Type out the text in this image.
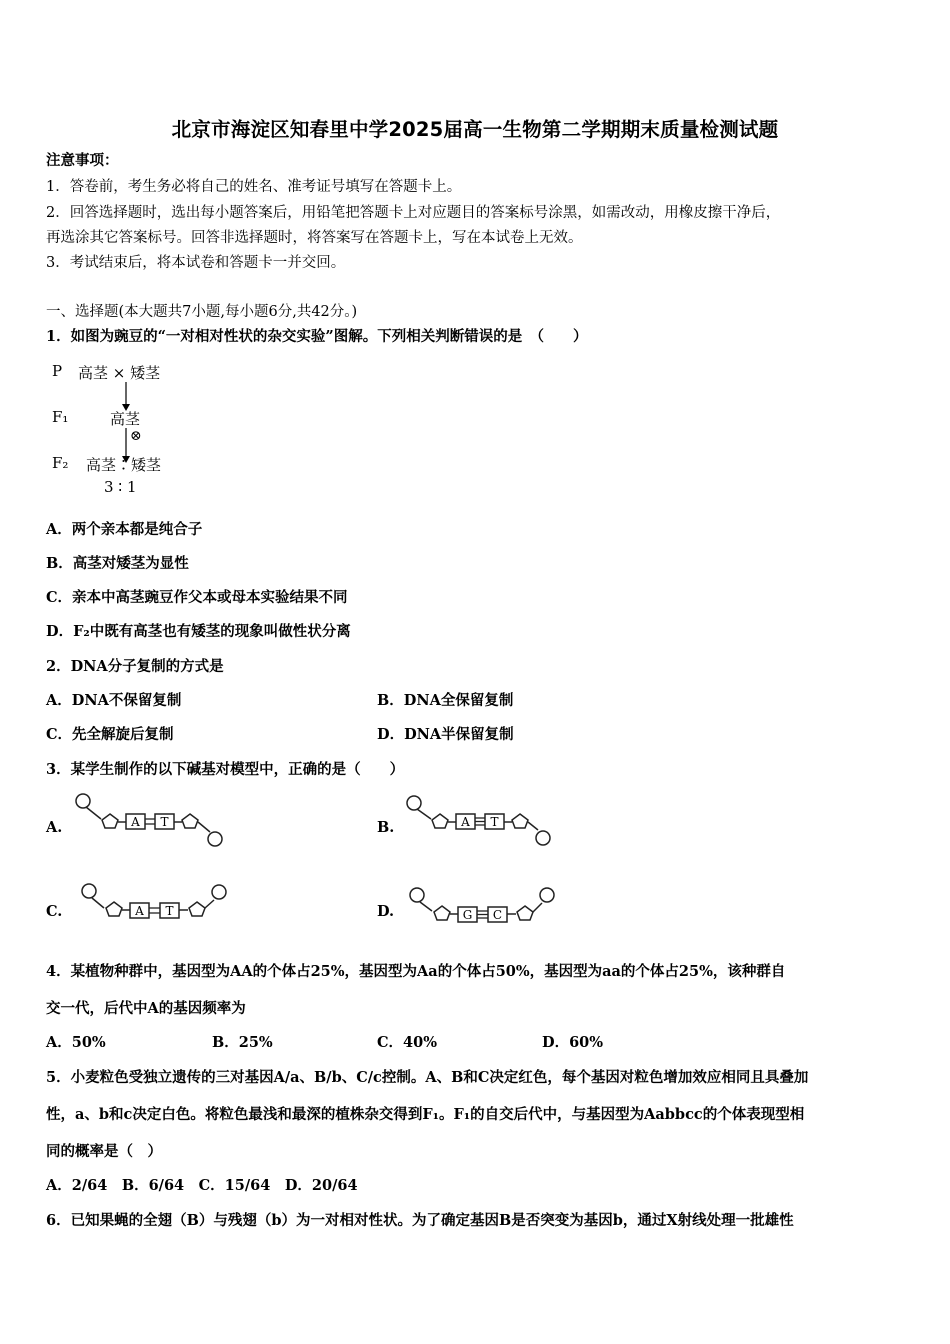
北京市海淀区知春里中学2025届高一生物第二学期期末质量检测试题
注意事项：
1．答卷前，考生务必将自己的姓名、准考证号填写在答题卡上。
2．回答选择题时，选出每小题答案后，用铅笔把答题卡上对应题目的答案标号涂黑，如需改动，用橡皮擦干净后，
再选涂其它答案标号。回答非选择题时，将答案写在答题卡上，写在本试卷上无效。
3．考试结束后，将本试卷和答题卡一并交回。
一、选择题(本大题共7小题,每小题6分,共42分。)
1．如图为豌豆的“一对相对性状的杂交实验”图解。下列相关判断错误的是　（　　）
P 高茎 × 矮茎
F₁	高茎
⊗
F₂ 高茎∶矮茎
3 ∶ 1
A．两个亲本都是纯合子
B．高茎对矮茎为显性
C．亲本中高茎豌豆作父本或母本实验结果不同
D．F₂中既有高茎也有矮茎的现象叫做性状分离
2．DNA分子复制的方式是
A．DNA不保留复制	B．DNA全保留复制
C．先全解旋后复制	D．DNA半保留复制
3．某学生制作的以下碱基对模型中，正确的是（　　）
A.	A T	B.	A T
C.	A T	D.	G C
4．某植物种群中，基因型为AA的个体占25%，基因型为Aa的个体占50%，基因型为aa的个体占25%，该种群自
交一代，后代中A的基因频率为
A．50%	B．25%	C．40%	D．60%
5．小麦粒色受独立遗传的三对基因A/a、B/b、C/c控制。A、B和C决定红色，每个基因对粒色增加效应相同且具叠加
性，a、b和c决定白色。将粒色最浅和最深的植株杂交得到F₁。F₁的自交后代中，与基因型为Aabbcc的个体表现型相
同的概率是（　）
A．2/64　B．6/64　C．15/64　D．20/64
6．已知果蝇的全翅（B）与残翅（b）为一对相对性状。为了确定基因B是否突变为基因b，通过X射线处理一批雄性
